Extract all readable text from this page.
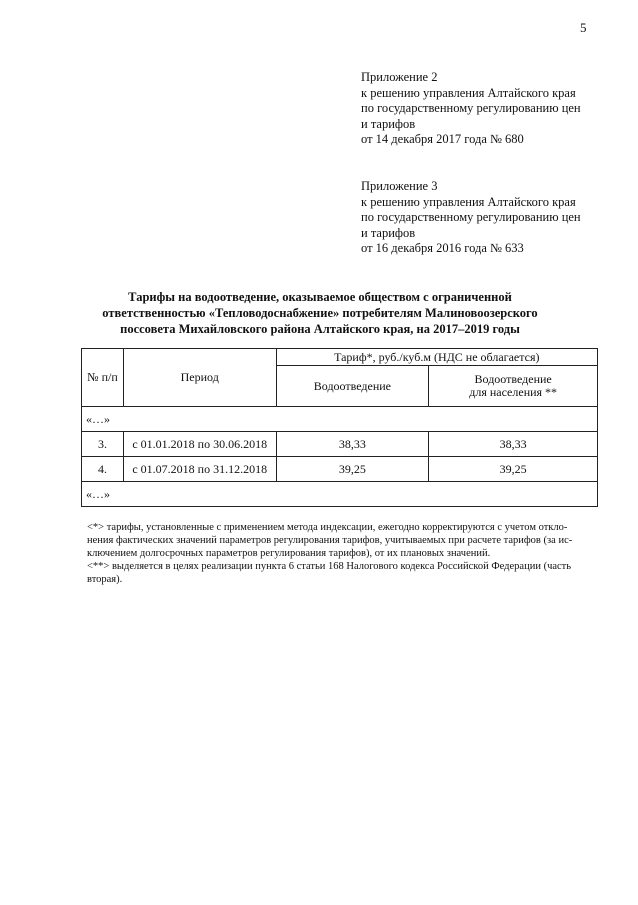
5
Приложение 2
к решению управления Алтайского края
по государственному регулированию цен
и тарифов
от 14 декабря 2017 года № 680
Приложение 3
к решению управления Алтайского края
по государственному регулированию цен
и тарифов
от 16 декабря 2016 года № 633
Тарифы на водоотведение, оказываемое обществом с ограниченной
ответственностью «Тепловодоснабжение» потребителям Малиновоозерского
поссовета Михайловского района Алтайского края, на 2017–2019 годы
№ п/п	Период	Тариф*, руб./куб.м (НДС не облагается)	
		Водоотведение	Водоотведение
для населения **

«…»			
3.	с 01.01.2018 по 30.06.2018	38,33	38,33
4.	с 01.07.2018 по 31.12.2018	39,25	39,25
«…»			
<*> тарифы, установленные с применением метода индексации, ежегодно корректируются с учетом откло-
нения фактических значений параметров регулирования тарифов, учитываемых при расчете тарифов (за ис-
ключением долгосрочных параметров регулирования тарифов), от их плановых значений.
<**> выделяется в целях реализации пункта 6 статьи 168 Налогового кодекса Российской Федерации (часть
вторая).
